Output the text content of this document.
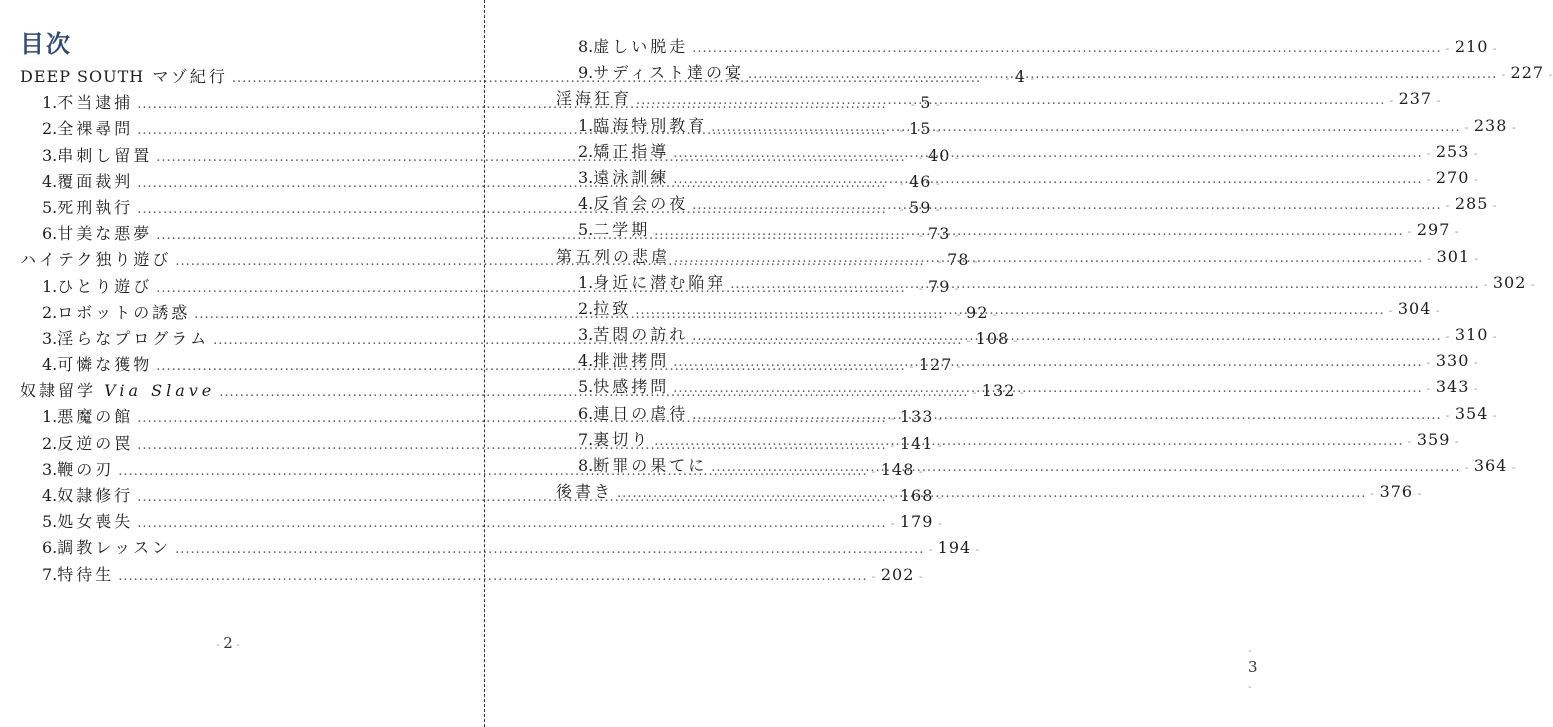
目次
DEEP SOUTH マゾ紀行 .....	- 4 -
1. 不当逮捕 .....	- 5 -
2. 全裸尋問 .....	- 15 -
3. 串刺し留置 .....	- 40 -
4. 覆面裁判 .....	- 46 -
5. 死刑執行 .....	- 59 -
6. 甘美な悪夢 .....	- 73 -
ハイテク独り遊び .....	- 78 -
1. ひとり遊び .....	- 79 -
2. ロボットの誘惑 .....	- 92 -
3. 淫らなプログラム .....	- 108 -
4. 可憐な獲物 .....	- 127 -
奴隷留学 Via Slave .....	- 132 -
1. 悪魔の館 .....	- 133 -
2. 反逆の罠 .....	- 141 -
3. 鞭の刃 .....	- 148 -
4. 奴隷修行 .....	- 168 -
5. 処女喪失 .....	- 179 -
6. 調教レッスン .....	- 194 -
7. 特待生 .....	- 202 -
- 2 -
8. 虚しい脱走 .....	- 210 -
9. サディスト達の宴 .....	- 227 -
淫海狂育 .....	- 237 -
1. 臨海特別教育 .....	- 238 -
2. 矯正指導 .....	- 253 -
3. 遠泳訓練 .....	- 270 -
4. 反省会の夜 .....	- 285 -
5. 二学期 .....	- 297 -
第五列の悲虐 .....	- 301 -
1. 身近に潜む陥穽 .....	- 302 -
2. 拉致 .....	- 304 -
3. 苦悶の訪れ .....	- 310 -
4. 排泄拷問 .....	- 330 -
5. 快感拷問 .....	- 343 -
6. 連日の虐待 .....	- 354 -
7. 裏切り .....	- 359 -
8. 断罪の果てに .....	- 364 -
後書き .....	- 376 -
- 3 -
